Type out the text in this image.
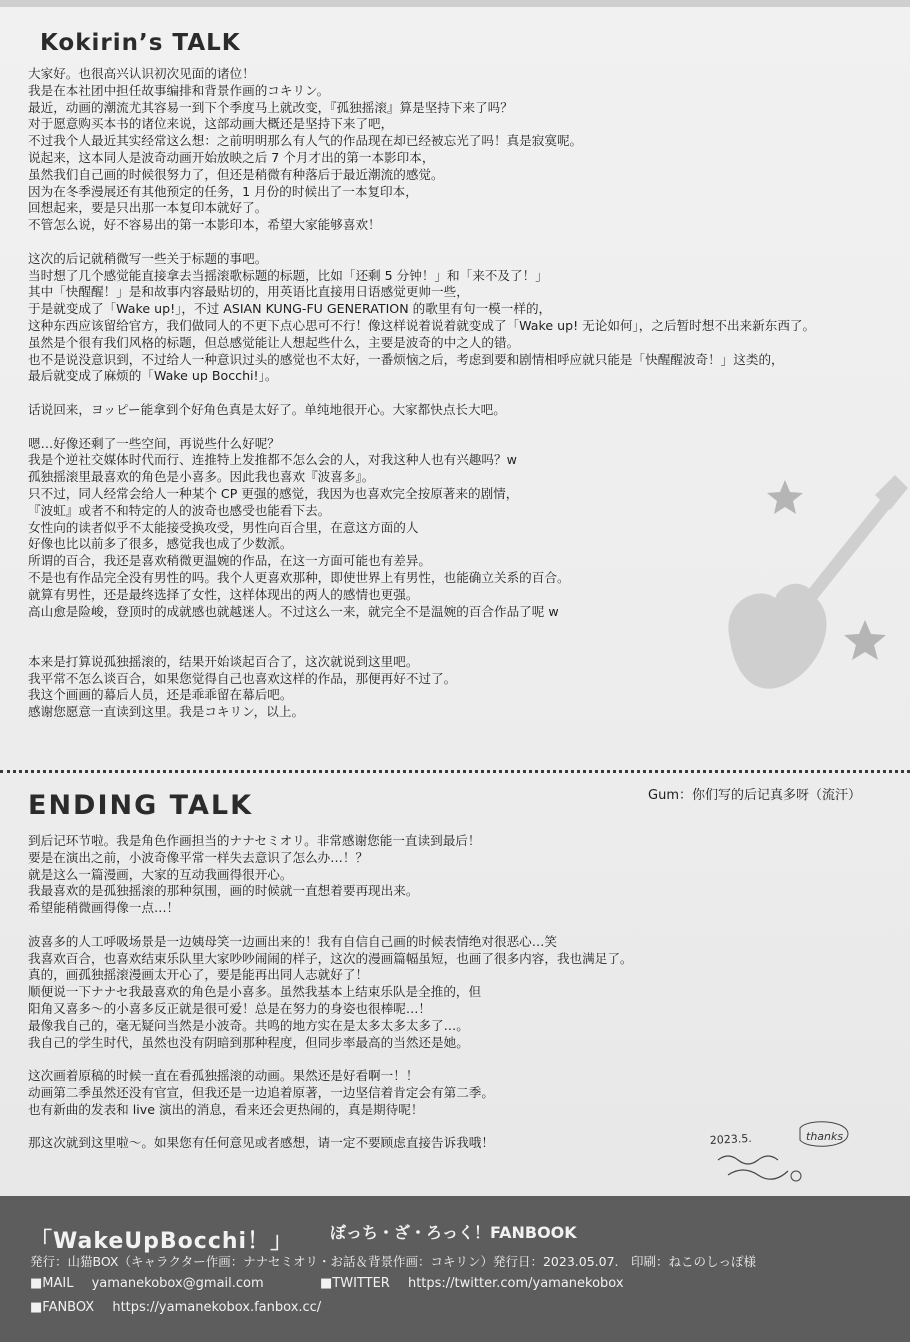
Kokirin’s TALK
大家好。也很高兴认识初次见面的诸位！
我是在本社团中担任故事编排和背景作画的コキリン。
最近，动画的潮流尤其容易一到下个季度马上就改变，『孤独摇滚』算是坚持下来了吗？
对于愿意购买本书的诸位来说，这部动画大概还是坚持下来了吧，
不过我个人最近其实经常这么想：之前明明那么有人气的作品现在却已经被忘光了吗！真是寂寞呢。
说起来，这本同人是波奇动画开始放映之后 7 个月才出的第一本影印本，
虽然我们自己画的时候很努力了，但还是稍微有种落后于最近潮流的感觉。
因为在冬季漫展还有其他预定的任务，1 月份的时候出了一本复印本，
回想起来，要是只出那一本复印本就好了。
不管怎么说，好不容易出的第一本影印本，希望大家能够喜欢！
这次的后记就稍微写一些关于标题的事吧。
当时想了几个感觉能直接拿去当摇滚歌标题的标题，比如「还剩 5 分钟！」和「来不及了！」
其中「快醒醒！」是和故事内容最贴切的，用英语比直接用日语感觉更帅一些，
于是就变成了「Wake up!」，不过 ASIAN KUNG-FU GENERATION 的歌里有句一模一样的，
这种东西应该留给官方，我们做同人的不更下点心思可不行！像这样说着说着就变成了「Wake up! 无论如何」，之后暂时想不出来新东西了。
虽然是个很有我们风格的标题，但总感觉能让人想起些什么，主要是波奇的中之人的错。
也不是说没意识到，不过给人一种意识过头的感觉也不太好，一番烦恼之后，考虑到要和剧情相呼应就只能是「快醒醒波奇！」这类的，
最后就变成了麻烦的「Wake up Bocchi!」。
话说回来，ヨッピー能拿到个好角色真是太好了。单纯地很开心。大家都快点长大吧。
嗯…好像还剩了一些空间，再说些什么好呢？
我是个逆社交媒体时代而行、连推特上发推都不怎么会的人，对我这种人也有兴趣吗？w
孤独摇滚里最喜欢的角色是小喜多。因此我也喜欢『波喜多』。
只不过，同人经常会给人一种某个 CP 更强的感觉，我因为也喜欢完全按原著来的剧情，
『波虹』或者不和特定的人的波奇也感受也能看下去。
女性向的读者似乎不太能接受换攻受，男性向百合里，在意这方面的人
好像也比以前多了很多，感觉我也成了少数派。
所谓的百合，我还是喜欢稍微更温婉的作品，在这一方面可能也有差异。
不是也有作品完全没有男性的吗。我个人更喜欢那种，即使世界上有男性，也能确立关系的百合。
就算有男性，还是最终选择了女性，这样体现出的两人的感情也更强。
高山愈是险峻，登顶时的成就感也就越迷人。不过这么一来，就完全不是温婉的百合作品了呢 w
本来是打算说孤独摇滚的，结果开始谈起百合了，这次就说到这里吧。
我平常不怎么谈百合，如果您觉得自己也喜欢这样的作品，那便再好不过了。
我这个画画的幕后人员，还是乖乖留在幕后吧。
感谢您愿意一直读到这里。我是コキリン，以上。
ENDING TALK	Gum：你们写的后记真多呀（流汗）
到后记环节啦。我是角色作画担当的ナナセミオリ。非常感谢您能一直读到最后！
要是在演出之前，小波奇像平常一样失去意识了怎么办…！？
就是这么一篇漫画，大家的互动我画得很开心。
我最喜欢的是孤独摇滚的那种氛围，画的时候就一直想着要再现出来。
希望能稍微画得像一点…！
波喜多的人工呼吸场景是一边姨母笑一边画出来的！我有自信自己画的时候表情绝对很恶心…笑
我喜欢百合，也喜欢结束乐队里大家吵吵闹闹的样子，这次的漫画篇幅虽短，也画了很多内容，我也满足了。
真的，画孤独摇滚漫画太开心了，要是能再出同人志就好了！
顺便说一下ナナセ我最喜欢的角色是小喜多。虽然我基本上结束乐队是全推的，但
阳角又喜多～的小喜多反正就是很可爱！总是在努力的身姿也很棒呢…！
最像我自己的，毫无疑问当然是小波奇。共鸣的地方实在是太多太多太多了…。
我自己的学生时代，虽然也没有阴暗到那种程度，但同步率最高的当然还是她。
这次画着原稿的时候一直在看孤独摇滚的动画。果然还是好看啊一！！
动画第二季虽然还没有官宣，但我还是一边追着原著，一边坚信着肯定会有第二季。
也有新曲的发表和 live 演出的消息，看来还会更热闹的，真是期待呢！
那这次就到这里啦～。如果您有任何意见或者感想，请一定不要顾虑直接告诉我哦！	2023.5.	thanks
「WakeUpBocchi！」 ぼっち・ざ・ろっく！FANBOOK
発行：山猫BOX（キャラクター作画：ナナセミオリ・お話＆背景作画：コキリン）発行日：2023.05.07.　印刷：ねこのしっぽ様
■MAIL yamanekobox@gmail.com	■TWITTER https://twitter.com/yamanekobox
■FANBOX https://yamanekobox.fanbox.cc/
